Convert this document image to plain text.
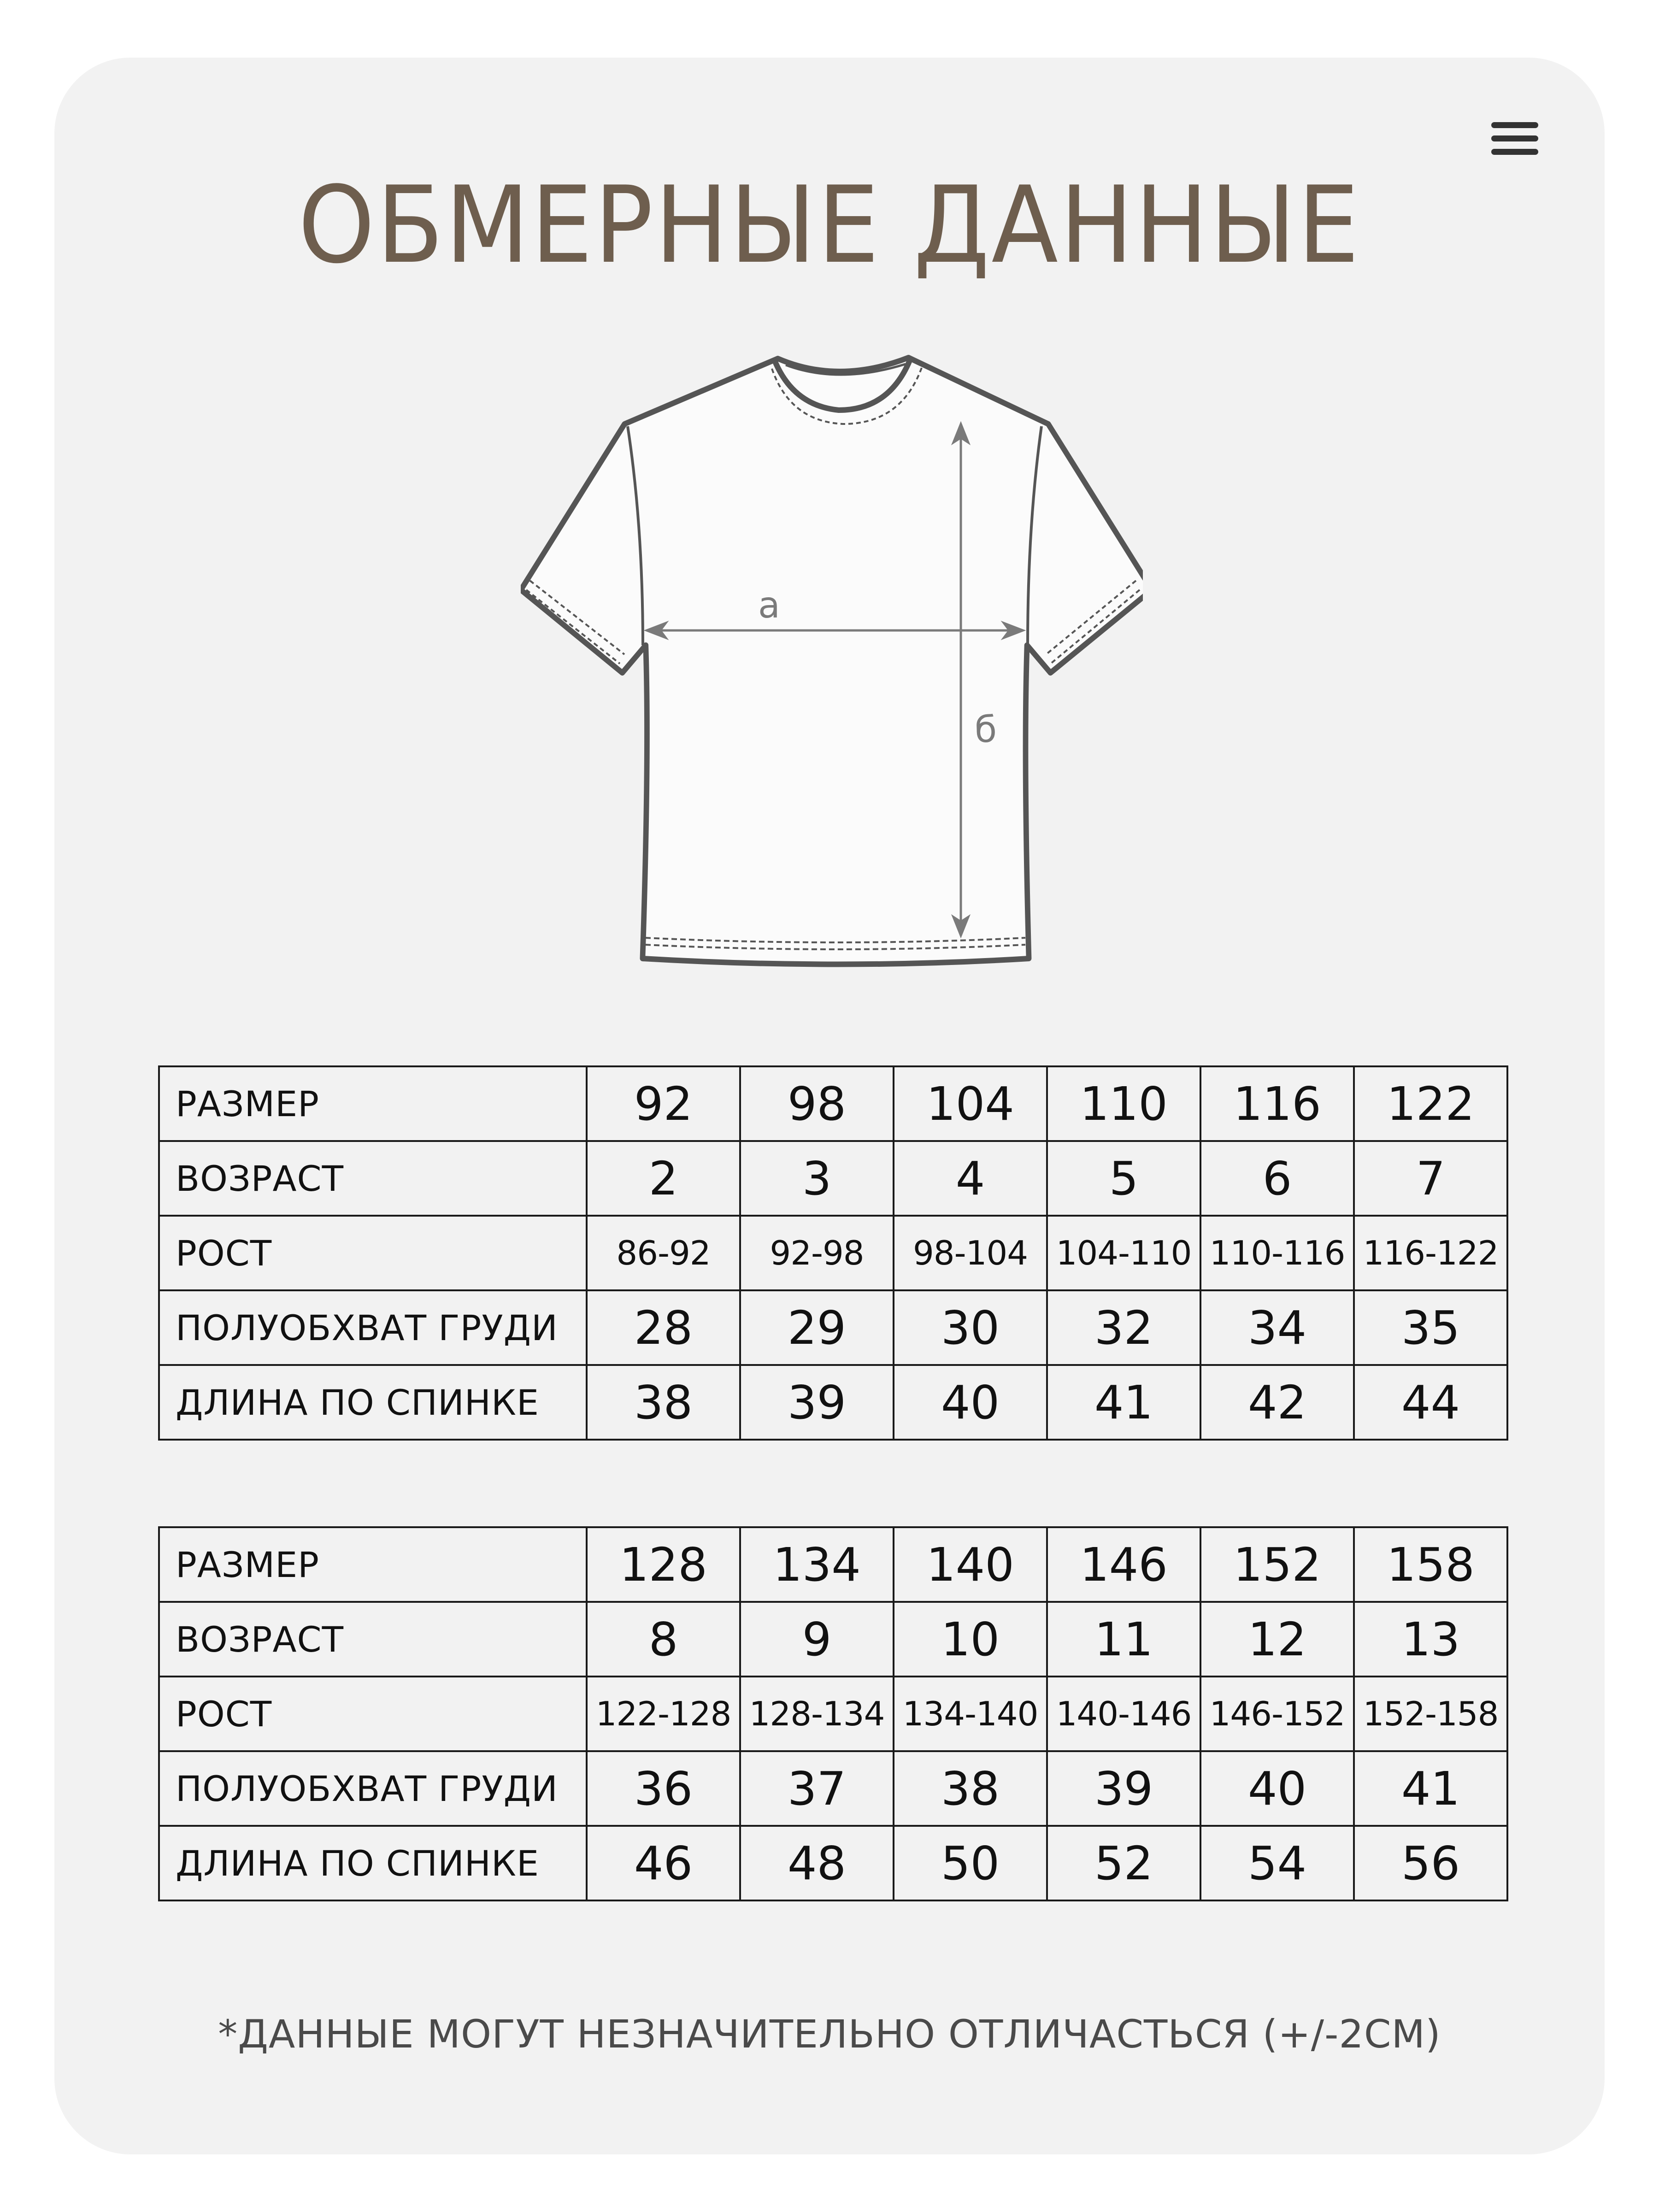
ОБМЕРНЫЕ ДАННЫЕ
а
б
РАЗМЕР	92	98	104	110	116	122
ВОЗРАСТ	2	3	4	5	6	7
РОСТ	86-92	92-98	98-104	104-110	110-116	116-122
ПОЛУОБХВАТ ГРУДИ	28	29	30	32	34	35
ДЛИНА ПО СПИНКЕ	38	39	40	41	42	44
РАЗМЕР	128	134	140	146	152	158
ВОЗРАСТ	8	9	10	11	12	13
РОСТ	122-128	128-134	134-140	140-146	146-152	152-158
ПОЛУОБХВАТ ГРУДИ	36	37	38	39	40	41
ДЛИНА ПО СПИНКЕ	46	48	50	52	54	56
*ДАННЫЕ МОГУТ НЕЗНАЧИТЕЛЬНО ОТЛИЧАСТЬСЯ (+/-2СМ)
